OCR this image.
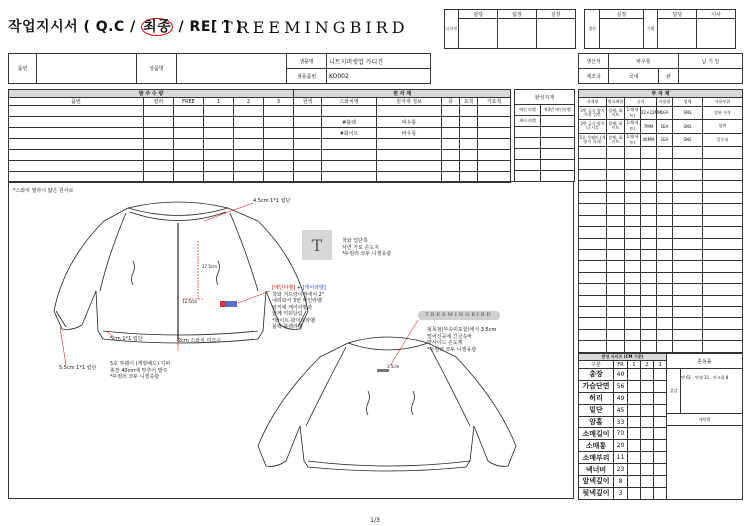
작업지시서 ( Q.C / 최종 / RE[ ] )
TREEMINGBIRD	디자인	담당	팀장	실장		생산	실장	기획	담당	이사

품번		상품명		샘플명	니트지퍼셋업 가디건
				샘플품번	KO002
생산처	바우통		납 기 일
제조국	국내	완	
발 주 수 량						원 자 재					
품번	컬러	FREE	1	2	3	원색	스와치명	원자재 정보	폭	요척	가요척

							#블랙	바우통			
							#화이트	바우통			

완성지재	
메인 라벨	#3번 메인라벨
케어 라벨	

부 자 재						
자재명	원료배합	규격		사용량	업체	사용부위
3번 금속 양지 사각 일반	블랙, 화이트	1개(세트)	22×22MM	1EA	SNS	앞판 자작
3번 금속 양지 더 사각	블랙, 화이트	1개(세트)	7MM	1EA	SNS	앞판
5호 투웨이 (개방식 지퍼)	블랙, 화이트	1개(세트)	40MM	1EA	SNS	앞중심

완성 사이즈 (CM 기준)				
구분	FR	1	2	3
총장	40			
가슴단면	56			
허리	49			
밑단	45			
암홀	33			
소매길이	70			
소매통	20			
소매부리	11			
넥너비	23			
앞넥깊이	8			
뒷넥깊이	3			
혼용률
겉감	면 61 , 면생 31 , 아크릴 8
세탁법

*스와치 필라시 얇은 원사로
4.5cm 1*1 립단
5cm 1*1 립단
5.5cm 1*1 립단
2cm 스와치 미끄시
5호 투웨이 (개방배드) 지퍼
총장 40cm에 맞추어 발주
*두컬러 모두 니켈유광
27.5cm
12.5cm
T	착와 일단쪽
사면 가로 손도지
*두컬러 모두 니켈유광
[메인라벨] + [케어라벨]
착와 겨드랑이점에서 2"
내려와서 3번 메인라벨
와끼에 케어라벨과
함께 끼워달림
*화이트-화이트라벨
블랙-블랙라벨
TREEMINGBIRD
뒷목점(부속미포함)에서 3.5cm
떨어진곳에 긴금속바
양사이드 손도제
*두컬러 모두 니켈유광
3.5cm
1/3
